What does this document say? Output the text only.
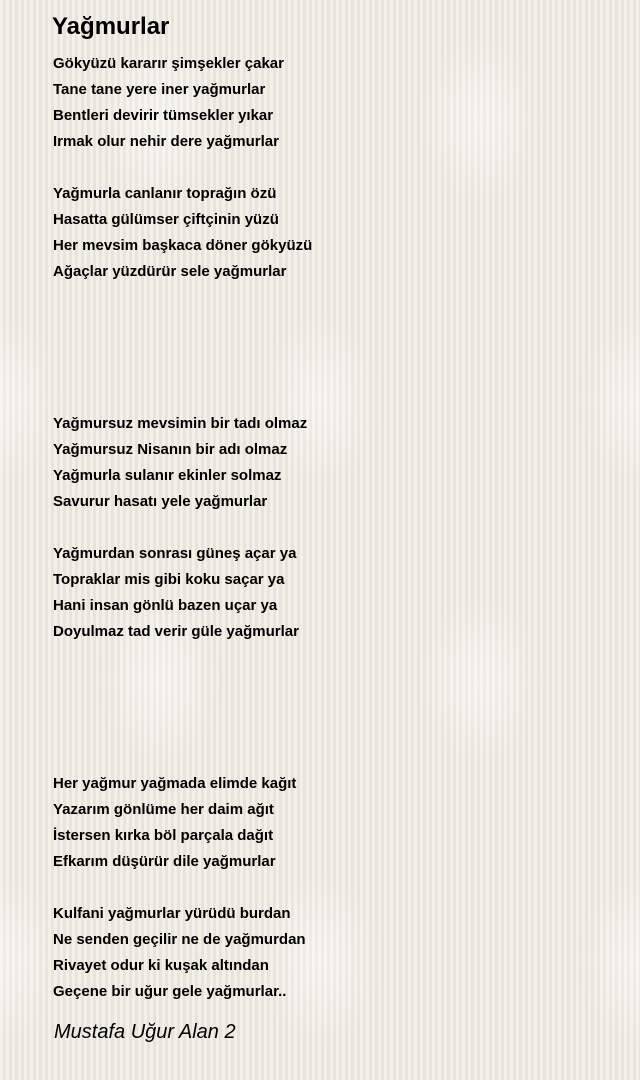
Yağmurlar
Gökyüzü kararır şimşekler çakar
Tane tane yere iner yağmurlar
Bentleri devirir tümsekler yıkar
Irmak olur nehir dere yağmurlar
Yağmurla canlanır toprağın özü
Hasatta gülümser çiftçinin yüzü
Her mevsim başkaca döner gökyüzü
Ağaçlar yüzdürür sele yağmurlar
Yağmursuz mevsimin bir tadı olmaz
Yağmursuz Nisanın bir adı olmaz
Yağmurla sulanır ekinler solmaz
Savurur hasatı yele yağmurlar
Yağmurdan sonrası güneş açar ya
Topraklar mis gibi koku saçar ya
Hani insan gönlü bazen uçar ya
Doyulmaz tad verir güle yağmurlar
Her yağmur yağmada elimde kağıt
Yazarım gönlüme her daim ağıt
İstersen kırka böl parçala dağıt
Efkarım düşürür dile yağmurlar
Kulfani yağmurlar yürüdü burdan
Ne senden geçilir ne de yağmurdan
Rivayet odur ki kuşak altından
Geçene bir uğur gele yağmurlar..

Mustafa Uğur Alan 2
